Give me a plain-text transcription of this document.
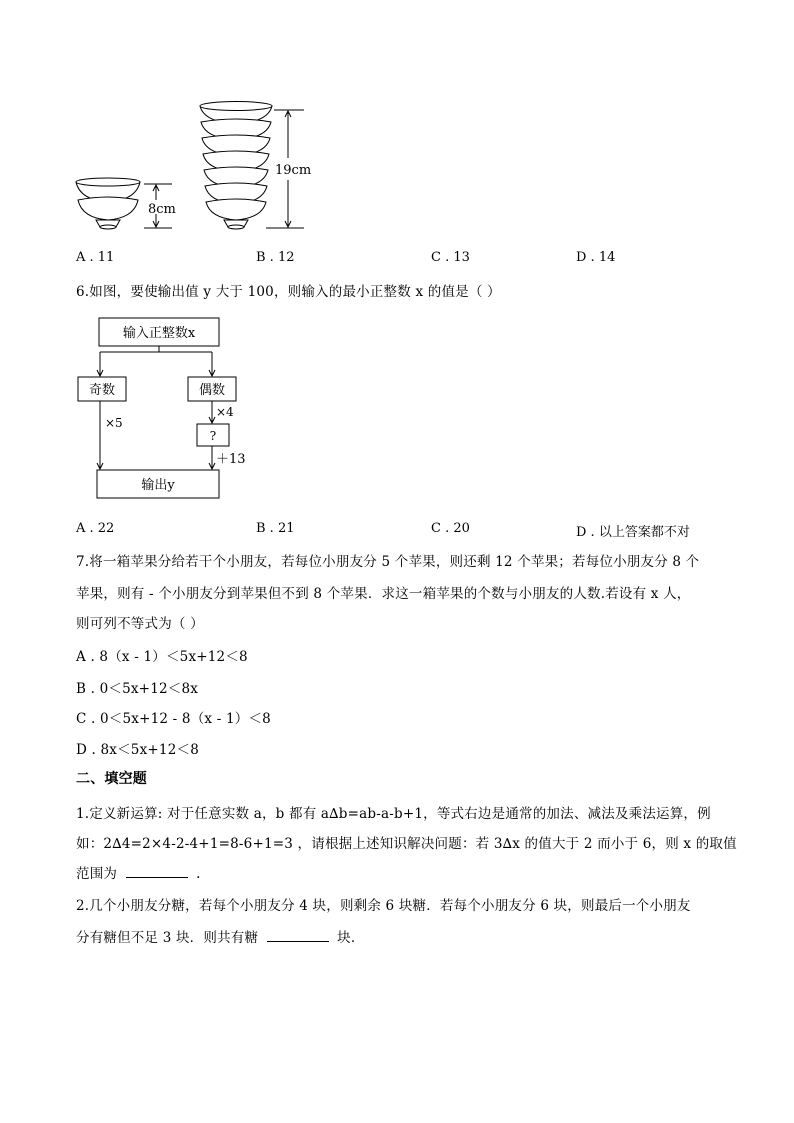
8cm
19cm
A . 11	B . 12	C . 13	D . 14
6.如图，要使输出值 y 大于 100，则输入的最小正整数 x 的值是（ ）
输入正整数x
奇数	偶数
×5
×4
?
＋13
输出y
A . 22	B . 21	C . 20	D . 以上答案都不对
7.将一箱苹果分给若干个小朋友，若每位小朋友分 5 个苹果，则还剩 12 个苹果；若每位小朋友分 8 个
苹果，则有 - 个小朋友分到苹果但不到 8 个苹果．求这一箱苹果的个数与小朋友的人数.若设有 x 人，
则可列不等式为（ ）
A . 8（x - 1）＜5x+12＜8
B . 0＜5x+12＜8x
C . 0＜5x+12 - 8（x - 1）＜8
D . 8x＜5x+12＜8
二、填空题
1.定义新运算: 对于任意实数 a，b 都有 a∆b=ab-a-b+1，等式右边是通常的加法、减法及乘法运算，例
如：2∆4=2×4-2-4+1=8-6+1=3 ，请根据上述知识解决问题：若 3∆x 的值大于 2 而小于 6，则 x 的取值
范围为	.
2.几个小朋友分糖，若每个小朋友分 4 块，则剩余 6 块糖．若每个小朋友分 6 块，则最后一个小朋友
分有糖但不足 3 块．则共有糖	块．
